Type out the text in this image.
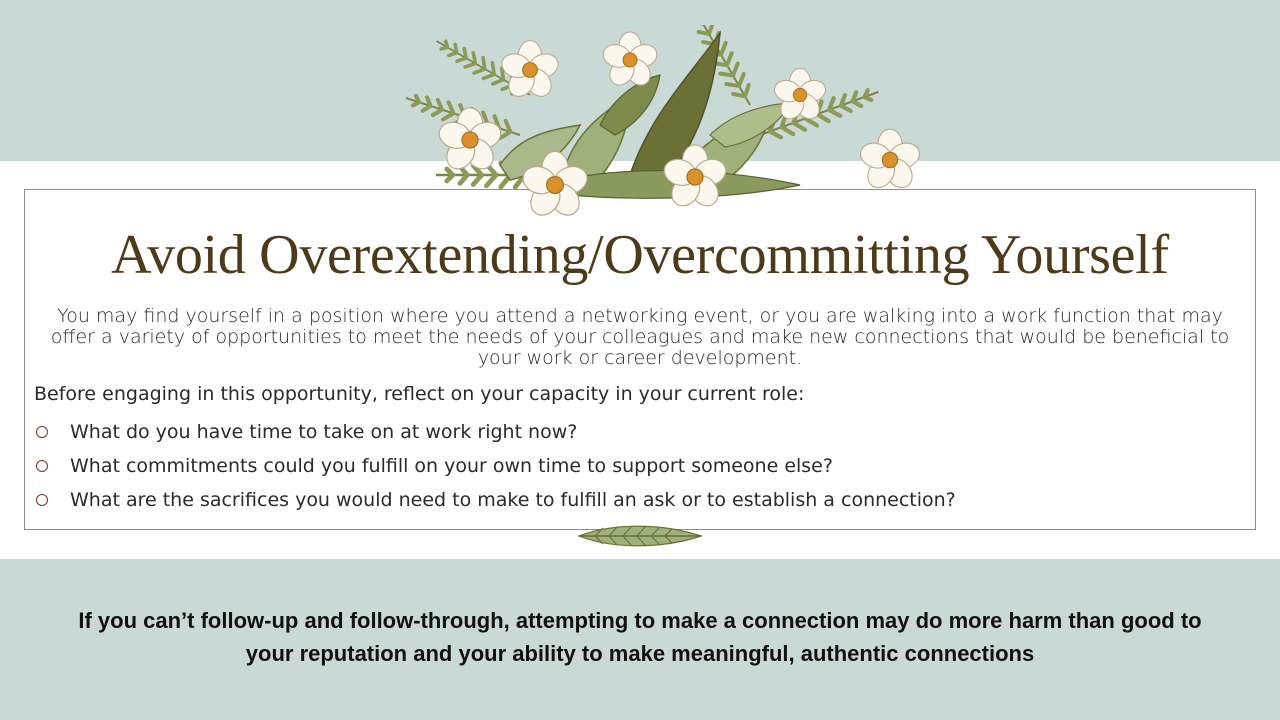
Avoid Overextending/Overcommitting Yourself

You may find yourself in a position where you attend a networking event, or you are walking into a work function that may offer a variety of opportunities to meet the needs of your colleagues and make new connections that would be beneficial to your work or career development.

Before engaging in this opportunity, reflect on your capacity in your current role:

What do you have time to take on at work right now?
What commitments could you fulfill on your own time to support someone else?
What are the sacrifices you would need to make to fulfill an ask or to establish a connection?

If you can’t follow-up and follow-through, attempting to make a connection may do more harm than good to your reputation and your ability to make meaningful, authentic connections
